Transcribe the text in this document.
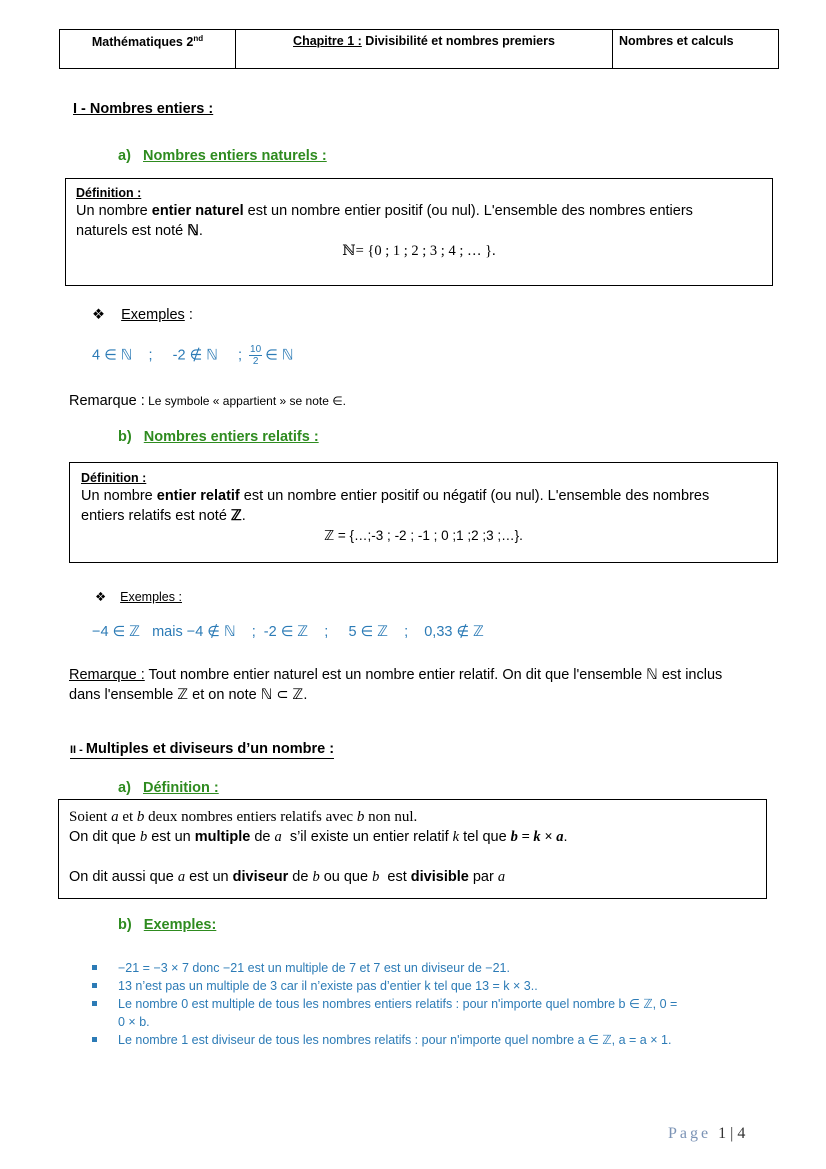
Mathématiques 2nd	Chapitre 1 : Divisibilité et nombres premiers	Nombres et calculs
I - Nombres entiers :
a) Nombres entiers naturels :
Définition :

Un nombre entier naturel est un nombre entier positif (ou nul). L'ensemble des nombres entiers

naturels est noté ℕ.

ℕ= {0 ; 1 ; 2 ; 3 ; 4 ; … }.

❖ Exemples :
4 ∈ ℕ    ;     -2 ∉ ℕ     ; $\frac{10}{2}$ ∈ ℕ
Remarque : Le symbole « appartient » se note ∈.
b) Nombres entiers relatifs :
Définition :

Un nombre entier relatif est un nombre entier positif ou négatif (ou nul). L'ensemble des nombres

entiers relatifs est noté ℤ.

ℤ = {…;-3 ; -2 ; -1 ; 0 ;1 ;2 ;3 ;…}.

❖ Exemples :
−4 ∈ ℤ   mais −4 ∉ ℕ    ;  -2 ∈ ℤ    ;     5 ∈ ℤ    ;    0,33 ∉ ℤ
Remarque : Tout nombre entier naturel est un nombre entier relatif. On dit que l'ensemble ℕ est inclus
dans l'ensemble ℤ et on note ℕ ⊂ ℤ.
II - Multiples et diviseurs d’un nombre :
a) Définition :

Soient a et b deux nombres entiers relatifs avec b non nul.

On dit que b est un multiple de a  s’il existe un entier relatif k tel que b = k × a.

On dit aussi que a est un diviseur de b ou que b  est divisible par a

b) Exemples:
−21 = −3 × 7 donc −21 est un multiple de 7 et 7 est un diviseur de −21.
13 n’est pas un multiple de 3 car il n’existe pas d’entier k tel que 13 = k × 3..
Le nombre 0 est multiple de tous les nombres entiers relatifs : pour n'importe quel nombre b ∈ ℤ, 0 =
0 × b.
Le nombre 1 est diviseur de tous les nombres relatifs : pour n'importe quel nombre a ∈ ℤ, a = a × 1.
Page 1 | 4
